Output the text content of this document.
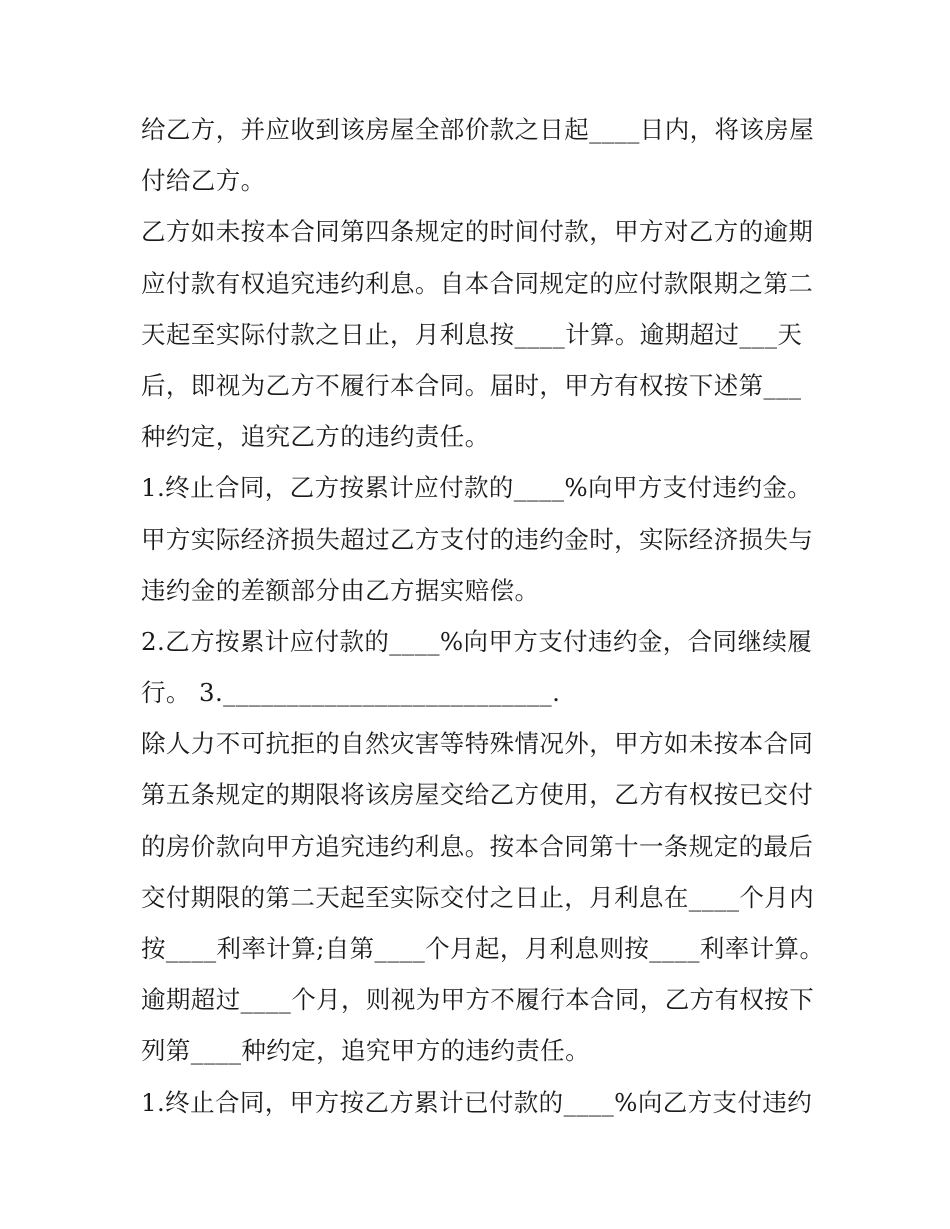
给乙方，并应收到该房屋全部价款之日起____日内，将该房屋
付给乙方。
乙方如未按本合同第四条规定的时间付款，甲方对乙方的逾期
应付款有权追究违约利息。自本合同规定的应付款限期之第二
天起至实际付款之日止，月利息按____计算。逾期超过___天
后，即视为乙方不履行本合同。届时，甲方有权按下述第___
种约定，追究乙方的违约责任。
1.终止合同，乙方按累计应付款的____%向甲方支付违约金。
甲方实际经济损失超过乙方支付的违约金时，实际经济损失与
违约金的差额部分由乙方据实赔偿。
2.乙方按累计应付款的____%向甲方支付违约金，合同继续履
行。 3.__________________________.
除人力不可抗拒的自然灾害等特殊情况外，甲方如未按本合同
第五条规定的期限将该房屋交给乙方使用，乙方有权按已交付
的房价款向甲方追究违约利息。按本合同第十一条规定的最后
交付期限的第二天起至实际交付之日止，月利息在____个月内
按____利率计算;自第____个月起，月利息则按____利率计算。
逾期超过____个月，则视为甲方不履行本合同，乙方有权按下
列第____种约定，追究甲方的违约责任。
1.终止合同，甲方按乙方累计已付款的____%向乙方支付违约
